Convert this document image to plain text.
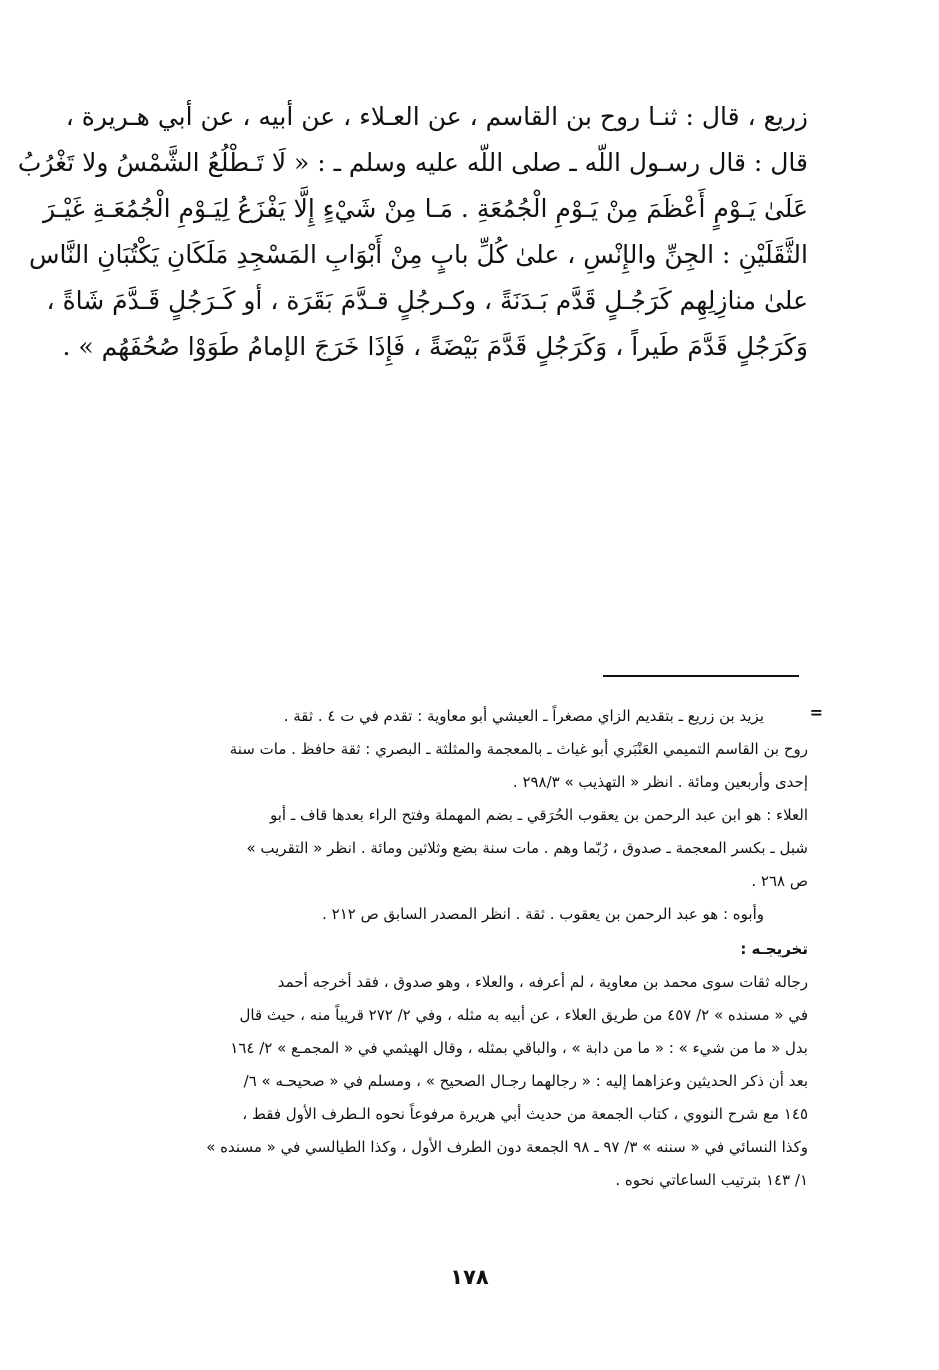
زريع ، قال : ثنـا روح بن القاسم ، عن العـلاء ، عن أبيه ، عن أبي هـريرة ،
قال : قال رسـول اللّه ـ صلى اللّه عليه وسلم ـ : « لَا تَـطْلُعُ الشَّمْسُ ولا تَغْرُبُ
عَلَىٰ يَـوْمٍ أَعْظَمَ مِنْ يَـوْمِ الْجُمُعَةِ . مَـا مِنْ شَيْءٍ إِلَّا يَفْزَعُ لِيَـوْمِ الْجُمُعَـةِ غَيْـرَ
الثَّقَلَيْنِ : الجِنِّ والإِنْسِ ، علىٰ كُلِّ بابٍ مِنْ أَبْوَابِ المَسْجِدِ مَلَكَانِ يَكْتُبَانِ النَّاس
علىٰ منازِلِهِم كَرَجُـلٍ قَدَّم بَـدَنَةً ، وكـرجُلٍ قـدَّمَ بَقَرَة ، أو كَـرَجُلٍ قَـدَّمَ شَاةً ،
وَكَرَجُلٍ قَدَّمَ طَيراً ، وَكَرَجُلٍ قَدَّمَ بَيْضَةً ، فَإِذَا خَرَجَ الإمامُ طَوَوْا صُحُفَهُم » .
=
يزيد بن زريع ـ بتقديم الزاي مصغراً ـ العيشي أبو معاوية : تقدم في ت ٤ . ثقة .
روح بن القاسم التميمي العَنْبَري أبو غياث ـ بالمعجمة والمثلثة ـ البصري : ثقة حافظ . مات سنة
إحدى وأربعين ومائة . انظر « التهذيب » ٢٩٨/٣ .
العلاء : هو ابن عبد الرحمن بن يعقوب الحُرَقي ـ بضم المهملة وفتح الراء بعدها قاف ـ أبو
شبل ـ بكسر المعجمة ـ صدوق ، رُبّما وهم . مات سنة بضع وثلاثين ومائة . انظر « التقريب »
ص ٢٦٨ .
وأبوه : هو عبد الرحمن بن يعقوب . ثقة . انظر المصدر السابق ص ٢١٢ .
تخريجـه :
رجاله ثقات سوى محمد بن معاوية ، لم أعرفه ، والعلاء ، وهو صدوق ، فقد أخرجه أحمد
في « مسنده » ٢/ ٤٥٧ من طريق العلاء ، عن أبيه به مثله ، وفي ٢/ ٢٧٢ قريباً منه ، حيث قال
بدل « ما من شيء » : « ما من دابة » ، والباقي بمثله ، وقال الهيثمي في « المجمـع » ٢/ ١٦٤
بعد أن ذكر الحديثين وعزاهما إليه : « رجالهما رجـال الصحيح » ، ومسلم في « صحيحـه » ٦/
١٤٥ مع شرح النووي ، كتاب الجمعة من حديث أبي هريرة مرفوعاً نحوه الـطرف الأول فقط ،
وكذا النسائي في « سننه » ٣/ ٩٧ ـ ٩٨ الجمعة دون الطرف الأول ، وكذا الطيالسي في « مسنده »
١/ ١٤٣ بترتيب الساعاتي نحوه .
١٧٨
